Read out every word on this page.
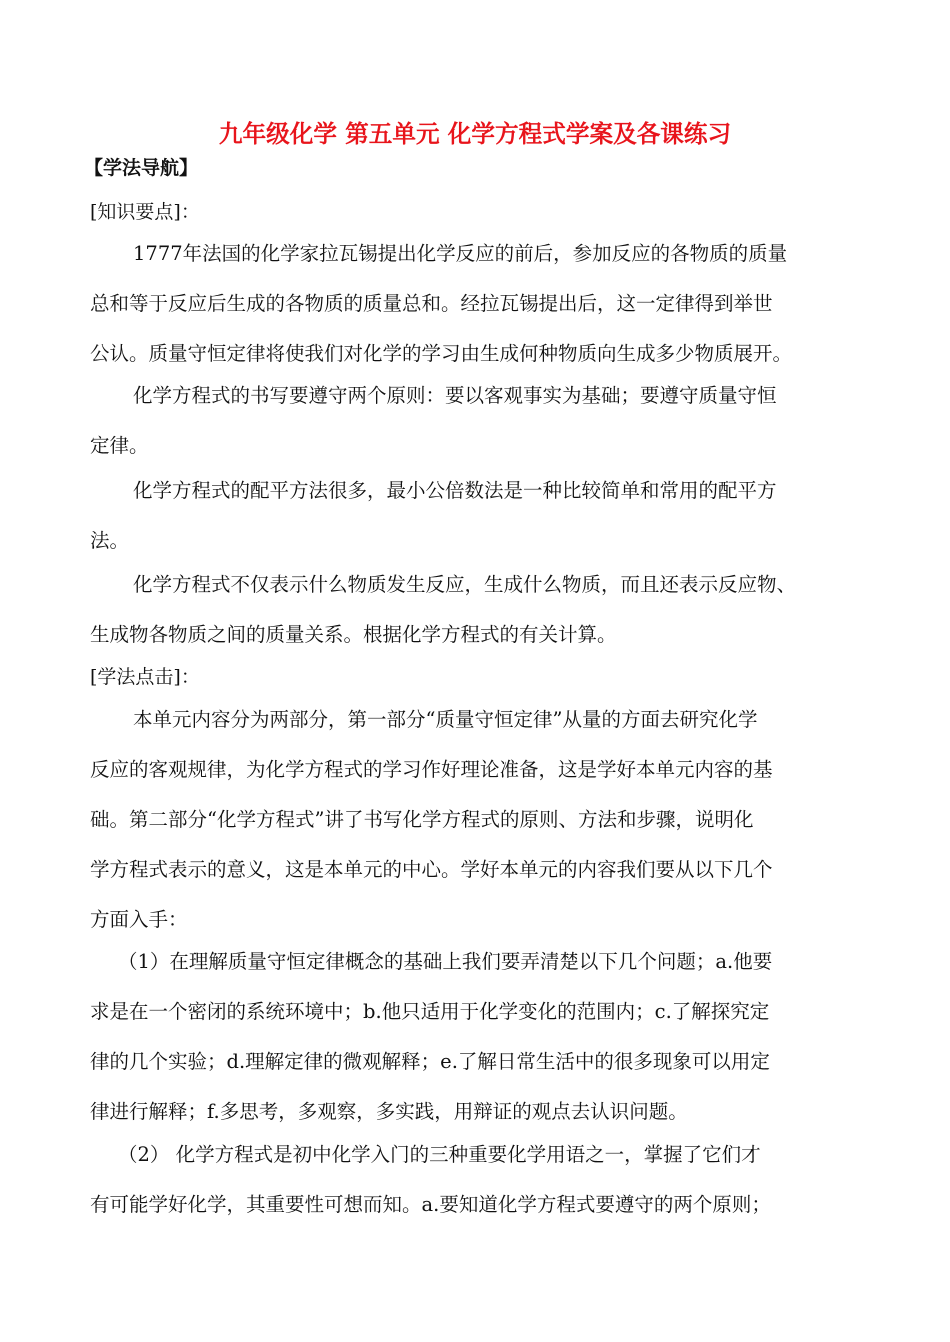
九年级化学 第五单元 化学方程式学案及各课练习
【学法导航】
[知识要点]：
1777年法国的化学家拉瓦锡提出化学反应的前后，参加反应的各物质的质量
总和等于反应后生成的各物质的质量总和。经拉瓦锡提出后，这一定律得到举世
公认。质量守恒定律将使我们对化学的学习由生成何种物质向生成多少物质展开。
化学方程式的书写要遵守两个原则：要以客观事实为基础；要遵守质量守恒
定律。
化学方程式的配平方法很多，最小公倍数法是一种比较简单和常用的配平方
法。
化学方程式不仅表示什么物质发生反应，生成什么物质，而且还表示反应物、
生成物各物质之间的质量关系。根据化学方程式的有关计算。
[学法点击]：
本单元内容分为两部分，第一部分“质量守恒定律”从量的方面去研究化学
反应的客观规律，为化学方程式的学习作好理论准备，这是学好本单元内容的基
础。第二部分“化学方程式”讲了书写化学方程式的原则、方法和步骤，说明化
学方程式表示的意义，这是本单元的中心。学好本单元的内容我们要从以下几个
方面入手：
（1）在理解质量守恒定律概念的基础上我们要弄清楚以下几个问题；a.他要
求是在一个密闭的系统环境中；b.他只适用于化学变化的范围内；c.了解探究定
律的几个实验；d.理解定律的微观解释；e.了解日常生活中的很多现象可以用定
律进行解释；f.多思考，多观察，多实践，用辩证的观点去认识问题。
（2） 化学方程式是初中化学入门的三种重要化学用语之一，掌握了它们才
有可能学好化学，其重要性可想而知。a.要知道化学方程式要遵守的两个原则；
